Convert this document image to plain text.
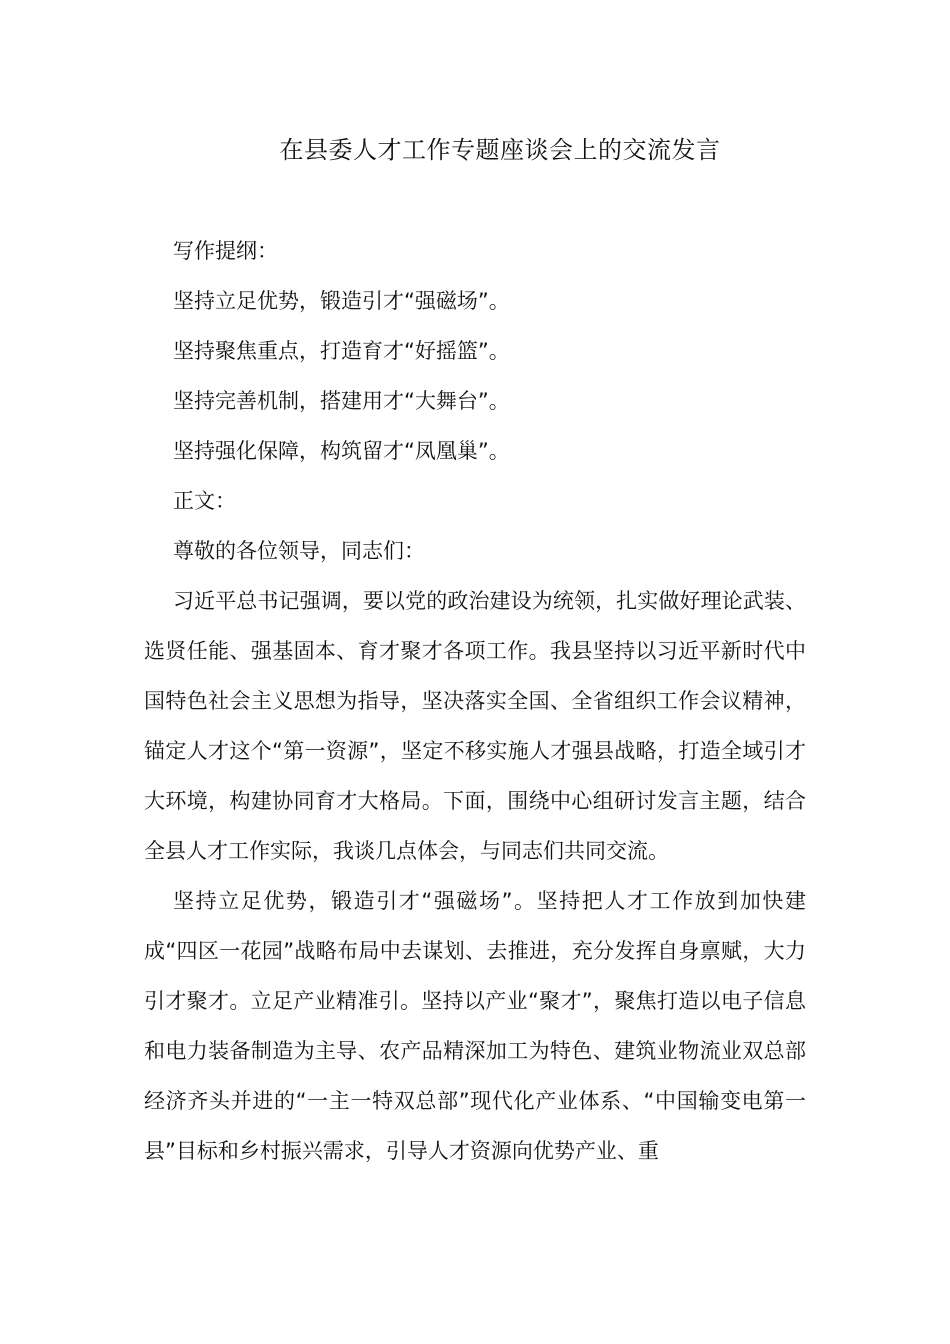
在县委人才工作专题座谈会上的交流发言

写作提纲：

坚持立足优势，锻造引才“强磁场”。

坚持聚焦重点，打造育才“好摇篮”。

坚持完善机制，搭建用才“大舞台”。

坚持强化保障，构筑留才“凤凰巢”。

正文：

尊敬的各位领导，同志们：

习近平总书记强调，要以党的政治建设为统领，扎实做好理论武装、选贤任能、强基固本、育才聚才各项工作。我县坚持以习近平新时代中国特色社会主义思想为指导，坚决落实全国、全省组织工作会议精神，锚定人才这个“第一资源”，坚定不移实施人才强县战略，打造全域引才大环境，构建协同育才大格局。下面，围绕中心组研讨发言主题，结合全县人才工作实际，我谈几点体会，与同志们共同交流。

坚持立足优势，锻造引才“强磁场”。坚持把人才工作放到加快建成“四区一花园”战略布局中去谋划、去推进，充分发挥自身禀赋，大力引才聚才。立足产业精准引。坚持以产业“聚才”，聚焦打造以电子信息和电力装备制造为主导、农产品精深加工为特色、建筑业物流业双总部经济齐头并进的“一主一特双总部”现代化产业体系、“中国输变电第一县”目标和乡村振兴需求，引导人才资源向优势产业、重
